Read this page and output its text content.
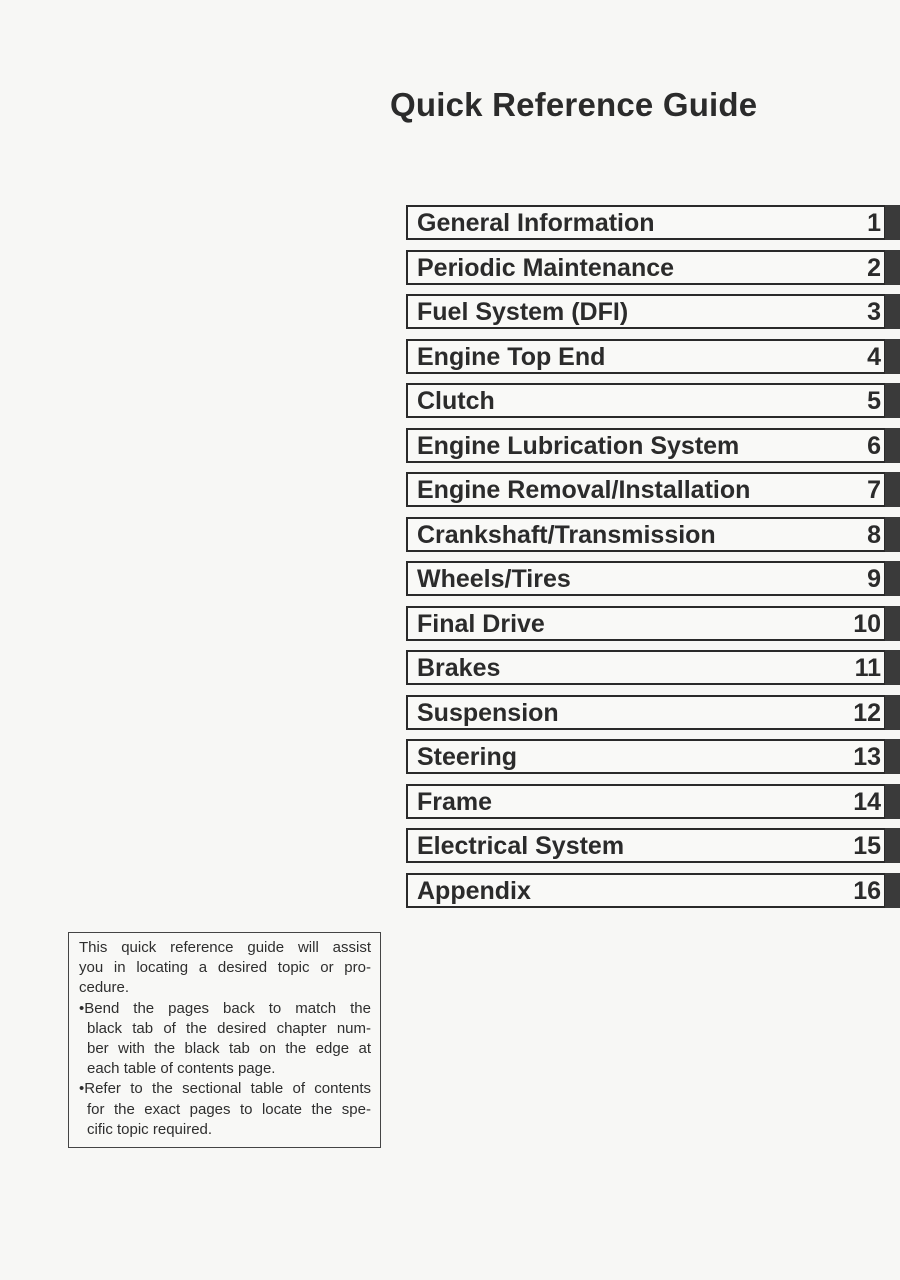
Quick Reference Guide
General Information	1
Periodic Maintenance	2
Fuel System (DFI)	3
Engine Top End	4
Clutch	5
Engine Lubrication System	6
Engine Removal/Installation	7
Crankshaft/Transmission	8
Wheels/Tires	9
Final Drive	10
Brakes	11
Suspension	12
Steering	13
Frame	14
Electrical System	15
Appendix	16
This quick reference guide will assist
you in locating a desired topic or pro-
cedure.
•Bend the pages back to match the
black tab of the desired chapter num-
ber with the black tab on the edge at
each table of contents page.
•Refer to the sectional table of contents
for the exact pages to locate the spe-
cific topic required.
